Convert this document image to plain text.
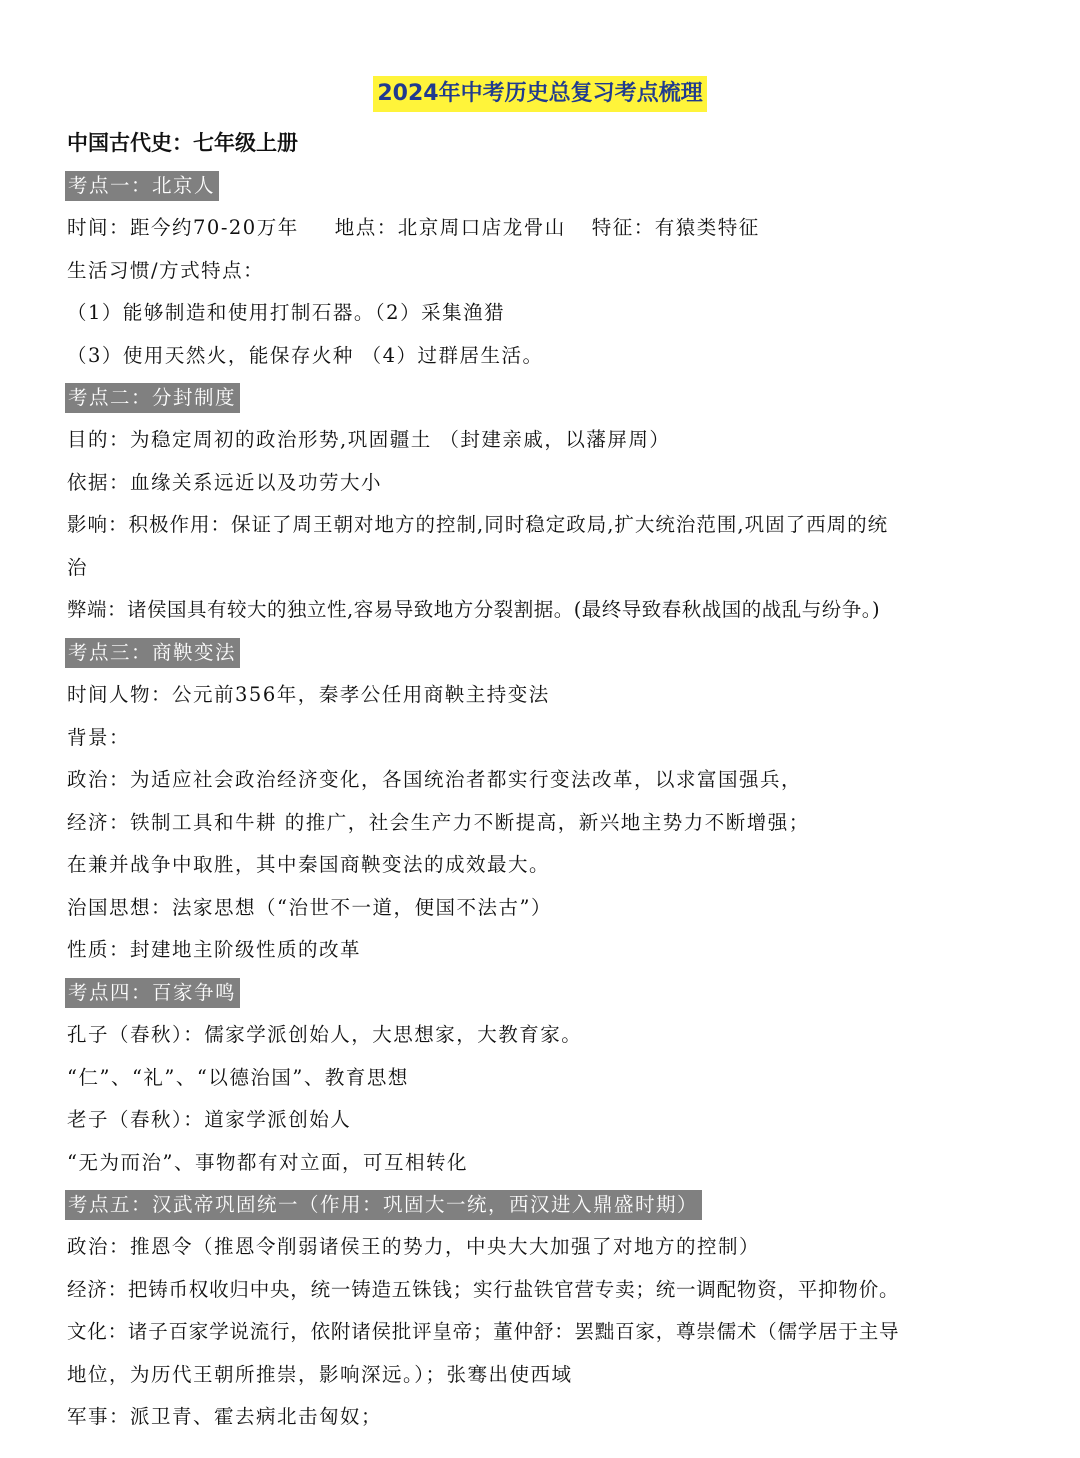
2024年中考历史总复习考点梳理
中国古代史：七年级上册
考点一：北京人
时间：距今约70-20万年 地点：北京周口店龙骨山 特征：有猿类特征
生活习惯/方式特点：
（1）能够制造和使用打制石器。（2）采集渔猎
（3）使用天然火，能保存火种 （4）过群居生活。
考点二：分封制度
目的：为稳定周初的政治形势,巩固疆土 （封建亲戚，以藩屏周）
依据：血缘关系远近以及功劳大小
影响：积极作用：保证了周王朝对地方的控制,同时稳定政局,扩大统治范围,巩固了西周的统
治
弊端：诸侯国具有较大的独立性,容易导致地方分裂割据。(最终导致春秋战国的战乱与纷争。)
考点三：商鞅变法
时间人物：公元前356年，秦孝公任用商鞅主持变法
背景：
政治：为适应社会政治经济变化，各国统治者都实行变法改革，以求富国强兵，
经济：铁制工具和牛耕 的推广，社会生产力不断提高，新兴地主势力不断增强；
在兼并战争中取胜，其中秦国商鞅变法的成效最大。
治国思想：法家思想（“治世不一道，便国不法古”）
性质：封建地主阶级性质的改革
考点四：百家争鸣
孔子（春秋）：儒家学派创始人，大思想家，大教育家。
“仁”、“礼”、“以德治国”、教育思想
老子（春秋）：道家学派创始人
“无为而治”、事物都有对立面，可互相转化
考点五：汉武帝巩固统一（作用：巩固大一统，西汉进入鼎盛时期）
政治：推恩令（推恩令削弱诸侯王的势力，中央大大加强了对地方的控制）
经济：把铸币权收归中央，统一铸造五铢钱；实行盐铁官营专卖；统一调配物资，平抑物价。
文化：诸子百家学说流行，依附诸侯批评皇帝；董仲舒：罢黜百家，尊崇儒术（儒学居于主导
地位，为历代王朝所推崇，影响深远。）；张骞出使西域
军事：派卫青、霍去病北击匈奴；
